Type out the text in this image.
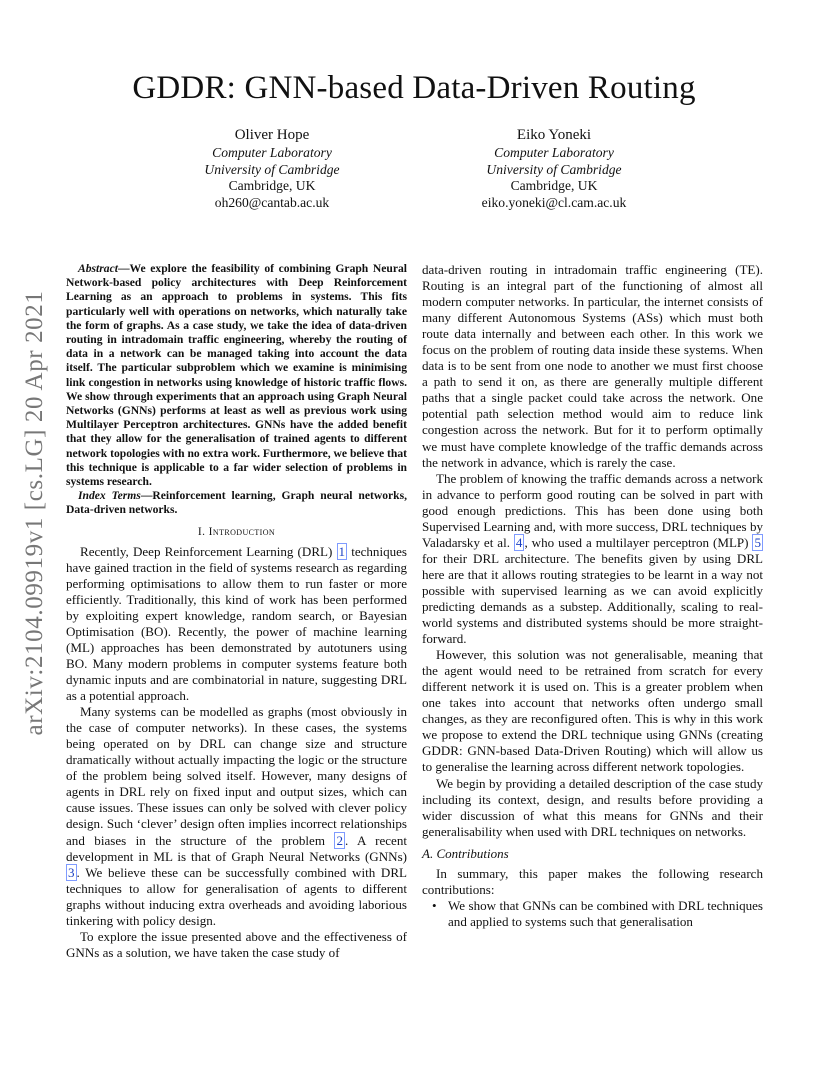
GDDR: GNN-based Data-Driven Routing
Oliver Hope
Computer Laboratory
University of Cambridge
Cambridge, UK
oh260@cantab.ac.uk
Eiko Yoneki
Computer Laboratory
University of Cambridge
Cambridge, UK
eiko.yoneki@cl.cam.ac.uk
arXiv:2104.09919v1 [cs.LG] 20 Apr 2021

Abstract—We explore the feasibility of combining Graph Neural Network-based policy architectures with Deep Reinforcement Learning as an approach to problems in systems. This fits particularly well with operations on networks, which naturally take the form of graphs. As a case study, we take the idea of data-driven routing in intradomain traffic engineering, whereby the routing of data in a network can be managed taking into account the data itself. The particular subproblem which we examine is minimising link congestion in networks using knowledge of historic traffic flows. We show through experiments that an approach using Graph Neural Networks (GNNs) performs at least as well as previous work using Multilayer Perceptron architectures. GNNs have the added benefit that they allow for the generalisation of trained agents to different network topologies with no extra work. Furthermore, we believe that this technique is applicable to a far wider selection of problems in systems research.

Index Terms—Reinforcement learning, Graph neural networks, Data-driven networks.

I. Introduction

Recently, Deep Reinforcement Learning (DRL) 1 techniques have gained traction in the field of systems research as regarding performing optimisations to allow them to run faster or more efficiently. Traditionally, this kind of work has been performed by exploiting expert knowledge, random search, or Bayesian Optimisation (BO). Recently, the power of machine learning (ML) approaches has been demonstrated by autotuners using BO. Many modern problems in computer systems feature both dynamic inputs and are combinatorial in nature, suggesting DRL as a potential approach.

Many systems can be modelled as graphs (most obviously in the case of computer networks). In these cases, the systems being operated on by DRL can change size and structure dramatically without actually impacting the logic or the structure of the problem being solved itself. However, many designs of agents in DRL rely on fixed input and output sizes, which can cause issues. These issues can only be solved with clever policy design. Such ‘clever’ design often implies incorrect relationships and biases in the structure of the problem 2 . A recent development in ML is that of Graph Neural Networks (GNNs) 3 . We believe these can be successfully combined with DRL techniques to allow for generalisation of agents to different graphs without inducing extra overheads and avoiding laborious tinkering with policy design.

To explore the issue presented above and the effectiveness of GNNs as a solution, we have taken the case study of

data-driven routing in intradomain traffic engineering (TE). Routing is an integral part of the functioning of almost all modern computer networks. In particular, the internet consists of many different Autonomous Systems (ASs) which must both route data internally and between each other. In this work we focus on the problem of routing data inside these systems. When data is to be sent from one node to another we must first choose a path to send it on, as there are generally multiple different paths that a single packet could take across the network. One potential path selection method would aim to reduce link congestion across the network. But for it to perform optimally we must have complete knowledge of the traffic demands across the network in advance, which is rarely the case.

The problem of knowing the traffic demands across a network in advance to perform good routing can be solved in part with good enough predictions. This has been done using both Supervised Learning and, with more success, DRL techniques by Valadarsky et al. 4 , who used a multilayer perceptron (MLP) 5 for their DRL architecture. The benefits given by using DRL here are that it allows routing strategies to be learnt in a way not possible with supervised learning as we can avoid explicitly predicting demands as a substep. Additionally, scaling to real-world systems and distributed systems should be more straight-forward.

However, this solution was not generalisable, meaning that the agent would need to be retrained from scratch for every different network it is used on. This is a greater problem when one takes into account that networks often undergo small changes, as they are reconfigured often. This is why in this work we propose to extend the DRL technique using GNNs (creating GDDR: GNN-based Data-Driven Routing) which will allow us to generalise the learning across different network topologies.

We begin by providing a detailed description of the case study including its context, design, and results before providing a wider discussion of what this means for GNNs and their generalisability when used with DRL techniques on networks.

A. Contributions

In summary, this paper makes the following research contributions:

• We show that GNNs can be combined with DRL techniques and applied to systems such that generalisation
